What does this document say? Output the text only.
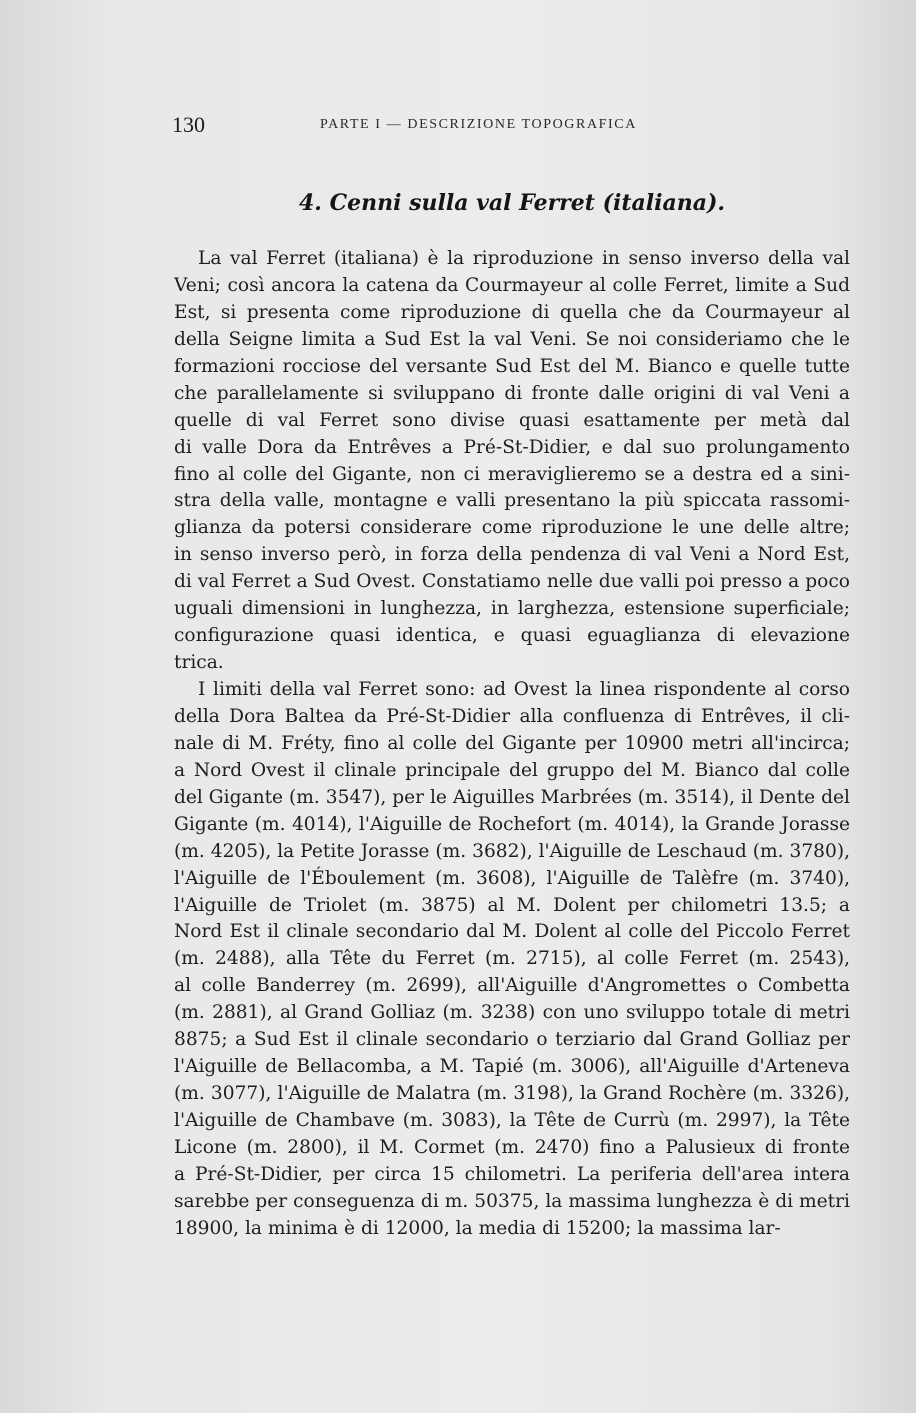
130	PARTE I — DESCRIZIONE TOPOGRAFICA
4. Cenni sulla val Ferret (italiana).
La val Ferret (italiana) è la riproduzione in senso inverso della val
Veni; così ancora la catena da Courmayeur al colle Ferret, limite a Sud
Est, si presenta come riproduzione di quella che da Courmayeur al
della Seigne limita a Sud Est la val Veni. Se noi consideriamo che le
formazioni rocciose del versante Sud Est del M. Bianco e quelle tutte
che parallelamente si sviluppano di fronte dalle origini di val Veni a
quelle di val Ferret sono divise quasi esattamente per metà dal
di valle Dora da Entrêves a Pré-St-Didier, e dal suo prolungamento
fino al colle del Gigante, non ci meraviglieremo se a destra ed a sini-
stra della valle, montagne e valli presentano la più spiccata rassomi-
glianza da potersi considerare come riproduzione le une delle altre;
in senso inverso però, in forza della pendenza di val Veni a Nord Est,
di val Ferret a Sud Ovest. Constatiamo nelle due valli poi presso a poco
uguali dimensioni in lunghezza, in larghezza, estensione superficiale;
configurazione quasi identica, e quasi eguaglianza di elevazione
trica.
I limiti della val Ferret sono: ad Ovest la linea rispondente al corso
della Dora Baltea da Pré-St-Didier alla confluenza di Entrêves, il cli-
nale di M. Fréty, fino al colle del Gigante per 10900 metri all'incirca;
a Nord Ovest il clinale principale del gruppo del M. Bianco dal colle
del Gigante (m. 3547), per le Aiguilles Marbrées (m. 3514), il Dente del
Gigante (m. 4014), l'Aiguille de Rochefort (m. 4014), la Grande Jorasse
(m. 4205), la Petite Jorasse (m. 3682), l'Aiguille de Leschaud (m. 3780),
l'Aiguille de l'Éboulement (m. 3608), l'Aiguille de Talèfre (m. 3740),
l'Aiguille de Triolet (m. 3875) al M. Dolent per chilometri 13.5; a
Nord Est il clinale secondario dal M. Dolent al colle del Piccolo Ferret
(m. 2488), alla Tête du Ferret (m. 2715), al colle Ferret (m. 2543),
al colle Banderrey (m. 2699), all'Aiguille d'Angromettes o Combetta
(m. 2881), al Grand Golliaz (m. 3238) con uno sviluppo totale di metri
8875; a Sud Est il clinale secondario o terziario dal Grand Golliaz per
l'Aiguille de Bellacomba, a M. Tapié (m. 3006), all'Aiguille d'Arteneva
(m. 3077), l'Aiguille de Malatra (m. 3198), la Grand Rochère (m. 3326),
l'Aiguille de Chambave (m. 3083), la Tête de Currù (m. 2997), la Tête
Licone (m. 2800), il M. Cormet (m. 2470) fino a Palusieux di fronte
a Pré-St-Didier, per circa 15 chilometri. La periferia dell'area intera
sarebbe per conseguenza di m. 50375, la massima lunghezza è di metri
18900, la minima è di 12000, la media di 15200; la massima lar-
